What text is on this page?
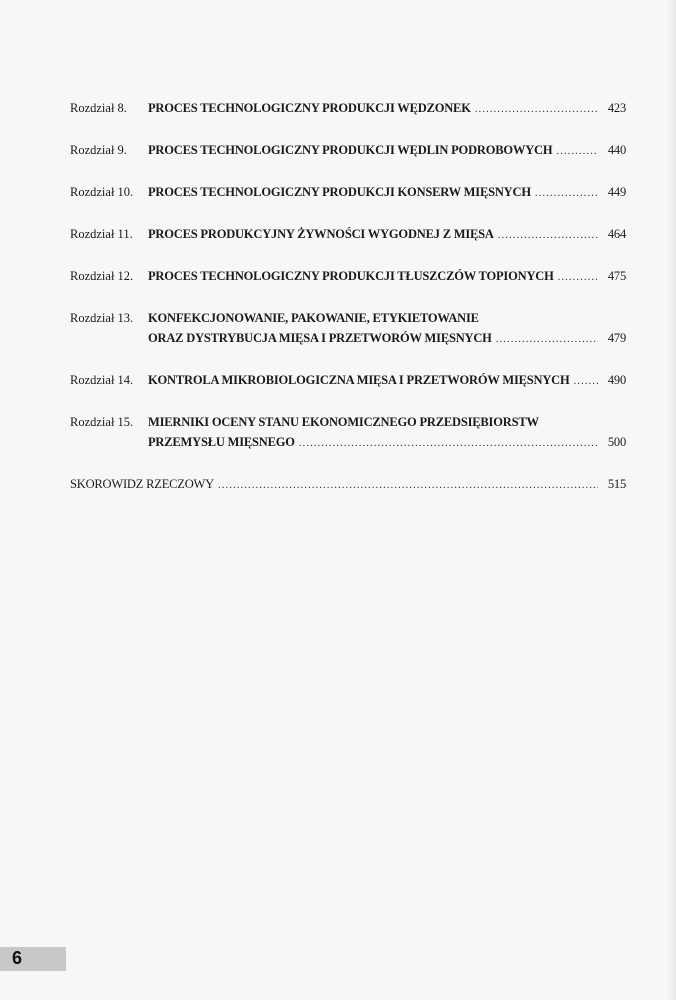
Rozdział 8.	PROCES TECHNOLOGICZNY PRODUKCJI WĘDZONEK .....	423
Rozdział 9.	PROCES TECHNOLOGICZNY PRODUKCJI WĘDLIN PODROBOWYCH .....	440
Rozdział 10.	PROCES TECHNOLOGICZNY PRODUKCJI KONSERW MIĘSNYCH .....	449
Rozdział 11.	PROCES PRODUKCYJNY ŻYWNOŚCI WYGODNEJ Z MIĘSA .....	464
Rozdział 12.	PROCES TECHNOLOGICZNY PRODUKCJI TŁUSZCZÓW TOPIONYCH .....	475
Rozdział 13.	KONFEKCJONOWANIE, PAKOWANIE, ETYKIETOWANIE
ORAZ DYSTRYBUCJA MIĘSA I PRZETWORÓW MIĘSNYCH .....	479
Rozdział 14.	KONTROLA MIKROBIOLOGICZNA MIĘSA I PRZETWORÓW MIĘSNYCH .....	490
Rozdział 15.	MIERNIKI OCENY STANU EKONOMICZNEGO PRZEDSIĘBIORSTW
PRZEMYSŁU MIĘSNEGO .....	500
SKOROWIDZ RZECZOWY .....	515
6
